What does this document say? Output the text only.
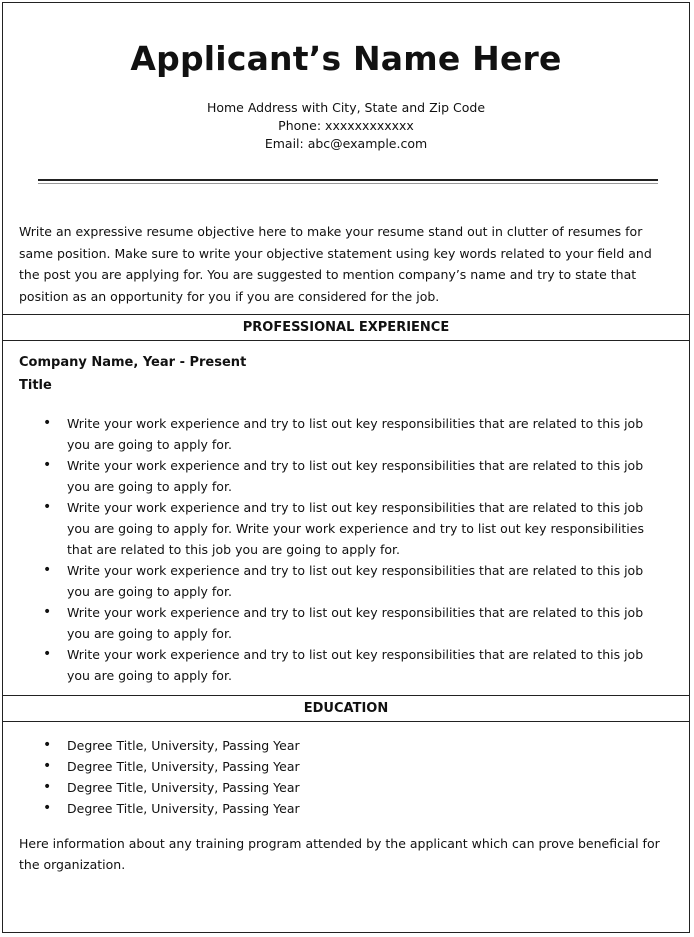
Applicant’s Name Here
Home Address with City, State and Zip Code
Phone: xxxxxxxxxxxx
Email: abc@example.com
Write an expressive resume objective here to make your resume stand out in clutter of resumes for same position. Make sure to write your objective statement using key words related to your field and the post you are applying for. You are suggested to mention company’s name and try to state that position as an opportunity for you if you are considered for the job.
PROFESSIONAL EXPERIENCE
Company Name, Year - Present
Title
• Write your work experience and try to list out key responsibilities that are related to this job you are going to apply for.
• Write your work experience and try to list out key responsibilities that are related to this job you are going to apply for.
• Write your work experience and try to list out key responsibilities that are related to this job you are going to apply for. Write your work experience and try to list out key responsibilities that are related to this job you are going to apply for.
• Write your work experience and try to list out key responsibilities that are related to this job you are going to apply for.
• Write your work experience and try to list out key responsibilities that are related to this job you are going to apply for.
• Write your work experience and try to list out key responsibilities that are related to this job you are going to apply for.
EDUCATION
• Degree Title, University, Passing Year
• Degree Title, University, Passing Year
• Degree Title, University, Passing Year
• Degree Title, University, Passing Year
Here information about any training program attended by the applicant which can prove beneficial for the organization.
